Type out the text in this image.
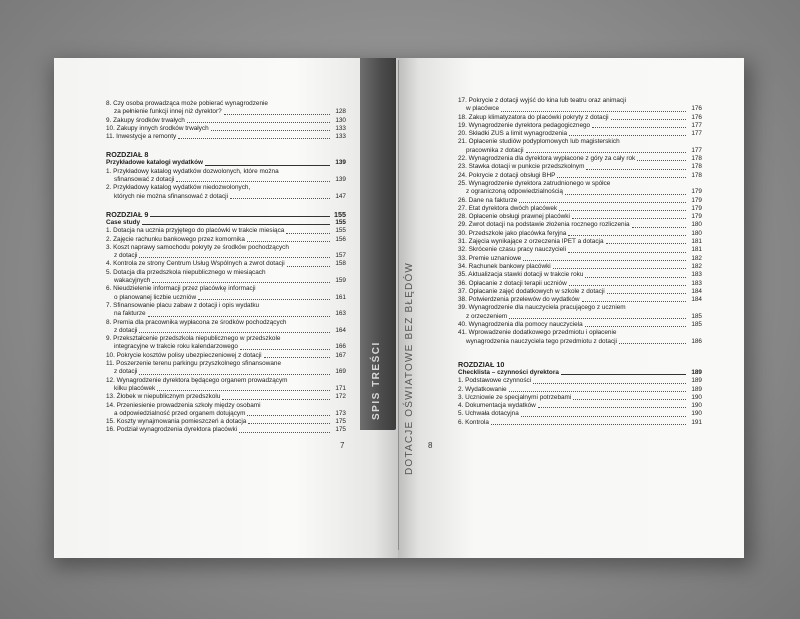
SPIS TREŚCI DOTACJE OŚWIATOWE BEZ BŁĘDÓW
8. Czy osoba prowadząca może pobierać wynagrodzenie
za pełnienie funkcji innej niż dyrektor?	128
9. Zakupy środków trwałych	130
10. Zakupy innych środków trwałych	133
11. Inwestycje a remonty	133
ROZDZIAŁ 8
Przykładowe katalogi wydatków	139
1. Przykładowy katalog wydatków dozwolonych, które można
sfinansować z dotacji	139
2. Przykładowy katalog wydatków niedozwolonych,
których nie można sfinansować z dotacji	147
ROZDZIAŁ 9	155
Case study	155
1. Dotacja na ucznia przyjętego do placówki w trakcie miesiąca	155
2. Zajęcie rachunku bankowego przez komornika	156
3. Koszt naprawy samochodu pokryty ze środków pochodzących
z dotacji	157
4. Kontrola ze strony Centrum Usług Wspólnych a zwrot dotacji	158
5. Dotacja dla przedszkola niepublicznego w miesiącach
wakacyjnych	159
6. Nieudzielenie informacji przez placówkę informacji
o planowanej liczbie uczniów	161
7. Sfinansowanie placu zabaw z dotacji i opis wydatku
na fakturze	163
8. Premia dla pracownika wypłacona ze środków pochodzących
z dotacji	164
9. Przekształcenie przedszkola niepublicznego w przedszkole
integracyjne w trakcie roku kalendarzowego	166
10. Pokrycie kosztów polisy ubezpieczeniowej z dotacji	167
11. Poszerzenie terenu parkingu przyszkolnego sfinansowane
z dotacji	169
12. Wynagrodzenie dyrektora będącego organem prowadzącym
kilku placówek	171
13. Żłobek w niepublicznym przedszkolu	172
14. Przeniesienie prowadzenia szkoły między osobami
a odpowiedzialność przed organem dotującym	173
15. Koszty wynajmowania pomieszczeń a dotacja	175
16. Podział wynagrodzenia dyrektora placówki	175
7
17. Pokrycie z dotacji wyjść do kina lub teatru oraz animacji
w placówce	176
18. Zakup klimatyzatora do placówki pokryty z dotacji	176
19. Wynagrodzenie dyrektora pedagogicznego	177
20. Składki ZUS a limit wynagrodzenia	177
21. Opłacenie studiów podyplomowych lub magisterskich
pracownika z dotacji	177
22. Wynagrodzenia dla dyrektora wypłacone z góry za cały rok	178
23. Stawka dotacji w punkcie przedszkolnym	178
24. Pokrycie z dotacji obsługi BHP	178
25. Wynagrodzenie dyrektora zatrudnionego w spółce
z ograniczoną odpowiedzialnością	179
26. Dane na fakturze	179
27. Etat dyrektora dwóch placówek	179
28. Opłacenie obsługi prawnej placówki	179
29. Zwrot dotacji na podstawie złożenia rocznego rozliczenia	180
30. Przedszkole jako placówka feryjna	180
31. Zajęcia wynikające z orzeczenia IPET a dotacja	181
32. Skrócenie czasu pracy nauczycieli	181
33. Premie uznaniowe	182
34. Rachunek bankowy placówki	182
35. Aktualizacja stawki dotacji w trakcie roku	183
36. Opłacanie z dotacji terapii uczniów	183
37. Opłacanie zajęć dodatkowych w szkole z dotacji	184
38. Potwierdzenia przelewów do wydatków	184
39. Wynagrodzenie dla nauczyciela pracującego z uczniem
z orzeczeniem	185
40. Wynagrodzenia dla pomocy nauczyciela	185
41. Wprowadzenie dodatkowego przedmiotu i opłacenie
wynagrodzenia nauczyciela tego przedmiotu z dotacji	186
ROZDZIAŁ 10
Checklista – czynności dyrektora	189
1. Podstawowe czynności	189
2. Wydatkowanie	189
3. Uczniowie ze specjalnymi potrzebami	190
4. Dokumentacja wydatków	190
5. Uchwała dotacyjna	190
6. Kontrola	191
8
